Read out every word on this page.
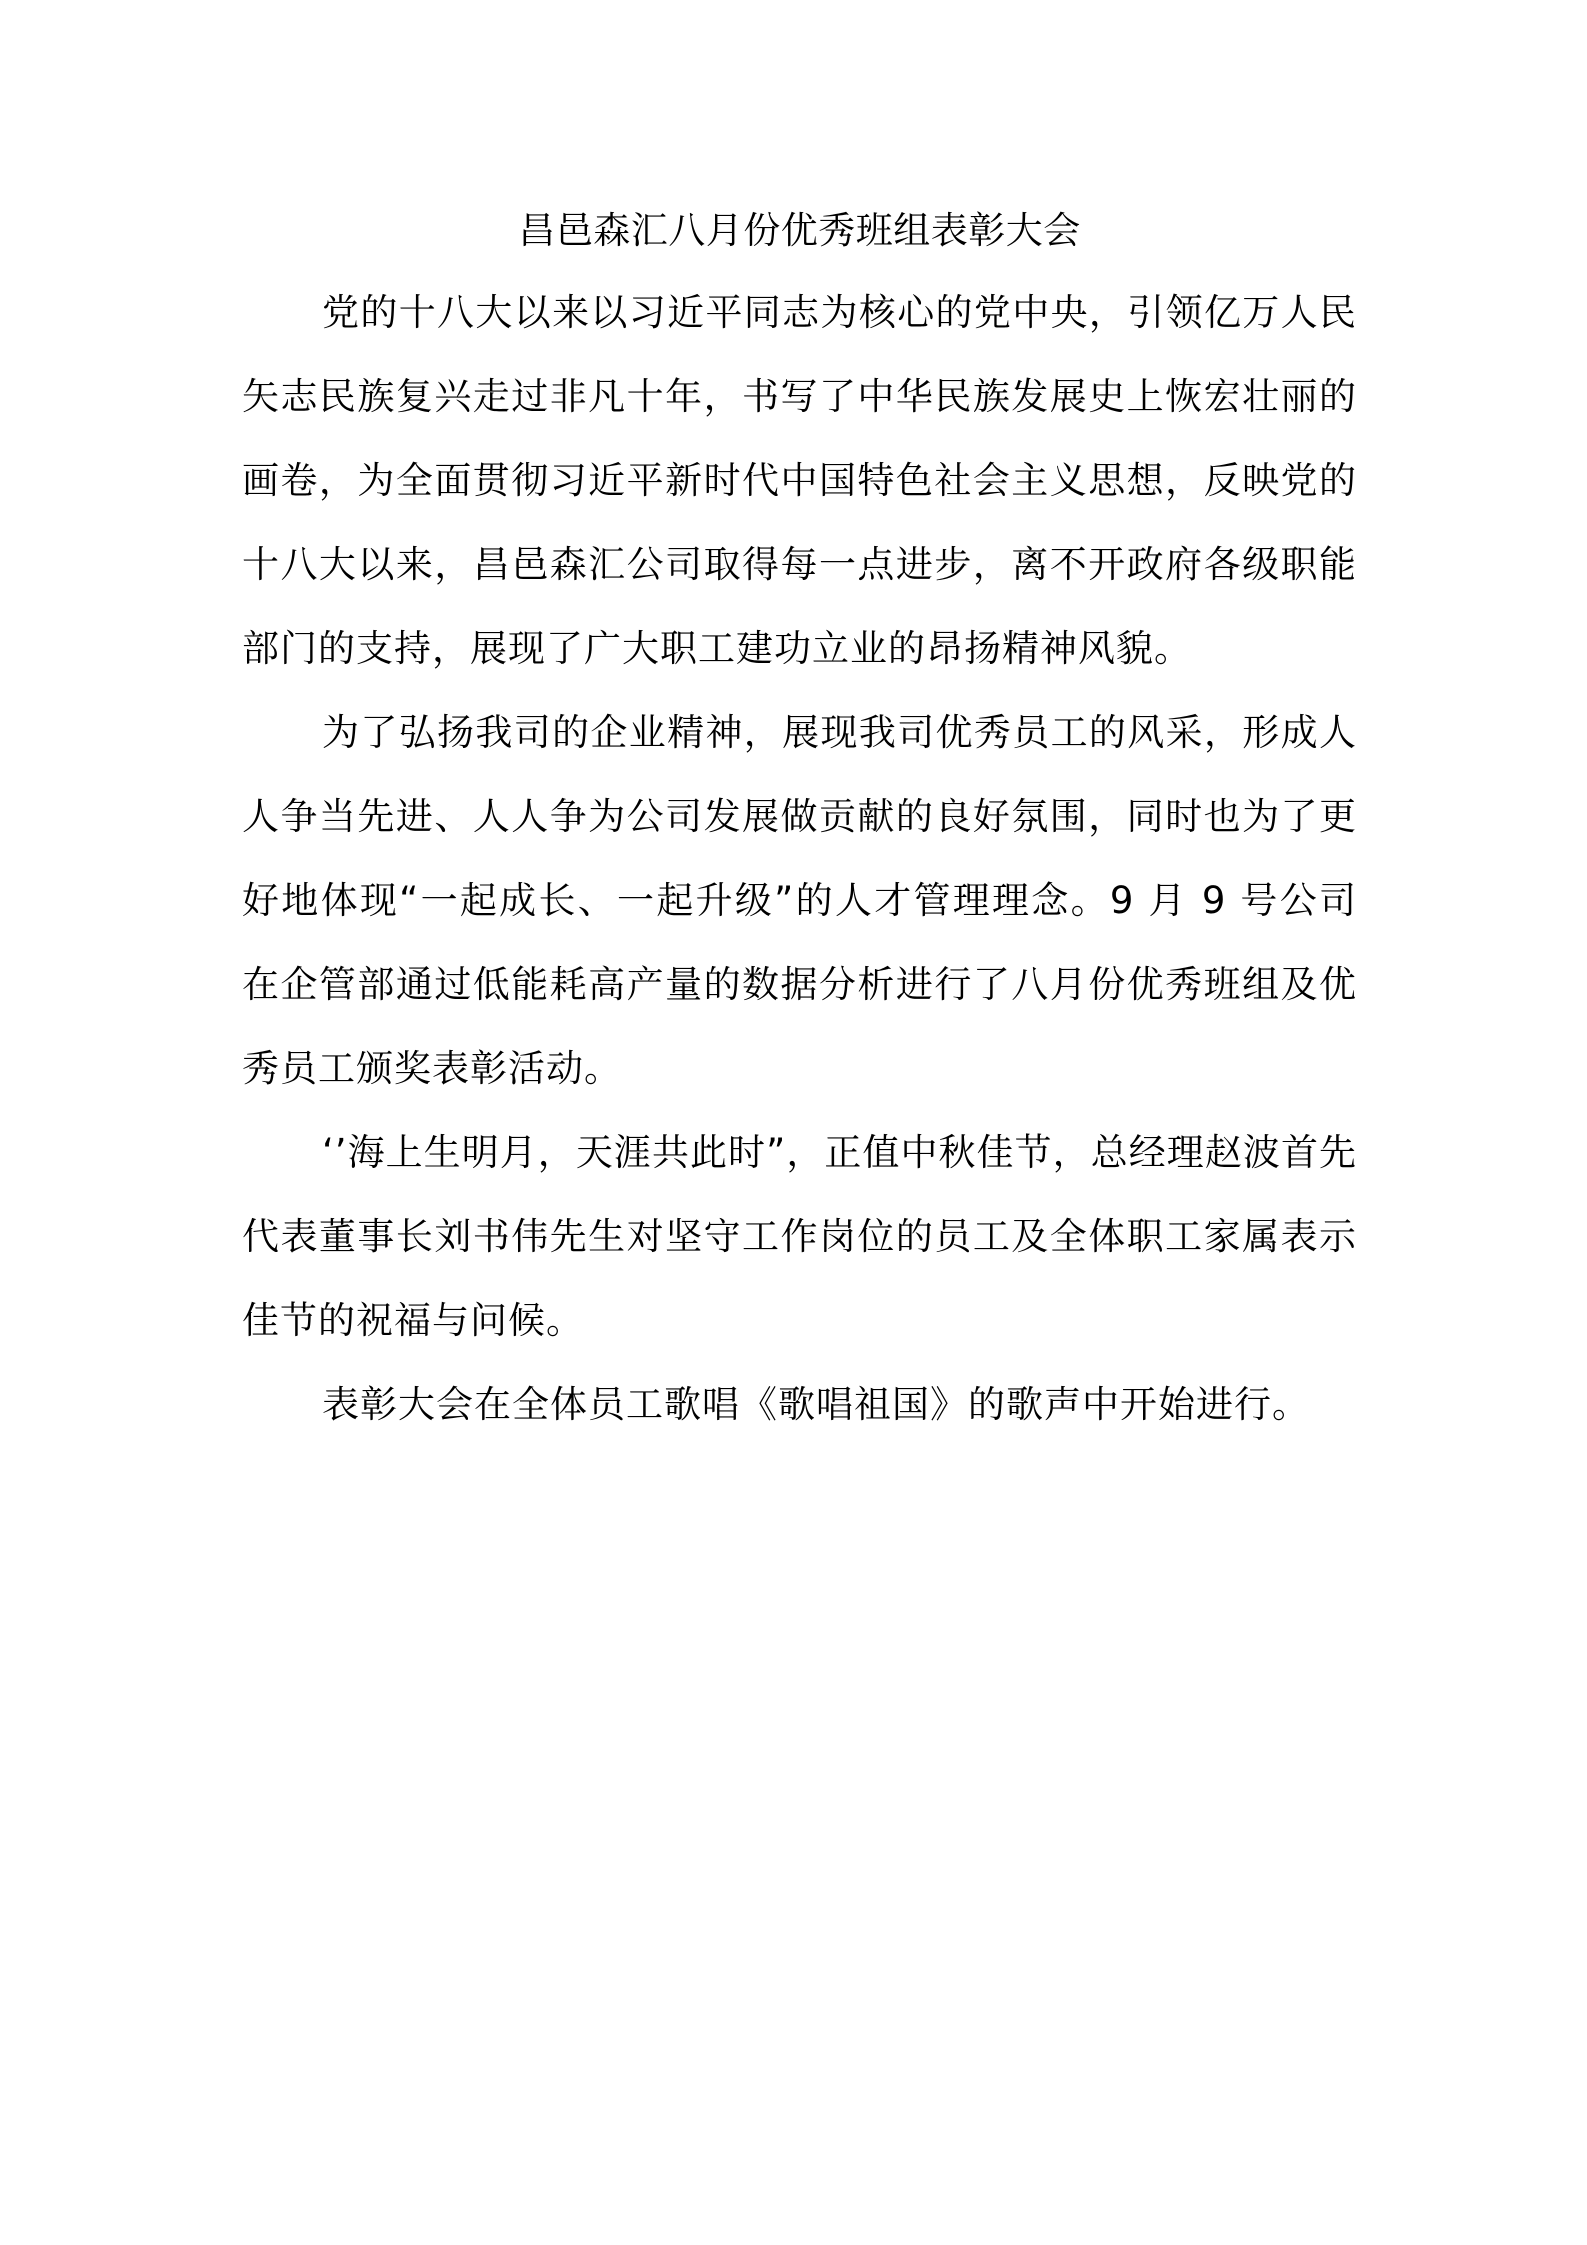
昌邑森汇八月份优秀班组表彰大会

党的十八大以来以习近平同志为核心的党中央，引领亿万人民矢志民族复兴走过非凡十年，书写了中华民族发展史上恢宏壮丽的画卷，为全面贯彻习近平新时代中国特色社会主义思想，反映党的十八大以来，昌邑森汇公司取得每一点进步，离不开政府各级职能部门的支持，展现了广大职工建功立业的昂扬精神风貌。

为了弘扬我司的企业精神，展现我司优秀员工的风采，形成人人争当先进、人人争为公司发展做贡献的良好氛围，同时也为了更好地体现“一起成长、一起升级”的人才管理理念。9 月 9 号公司在企管部通过低能耗高产量的数据分析进行了八月份优秀班组及优秀员工颁奖表彰活动。

‘’海上生明月，天涯共此时”，正值中秋佳节，总经理赵波首先代表董事长刘书伟先生对坚守工作岗位的员工及全体职工家属表示佳节的祝福与问候。

表彰大会在全体员工歌唱《歌唱祖国》的歌声中开始进行。
